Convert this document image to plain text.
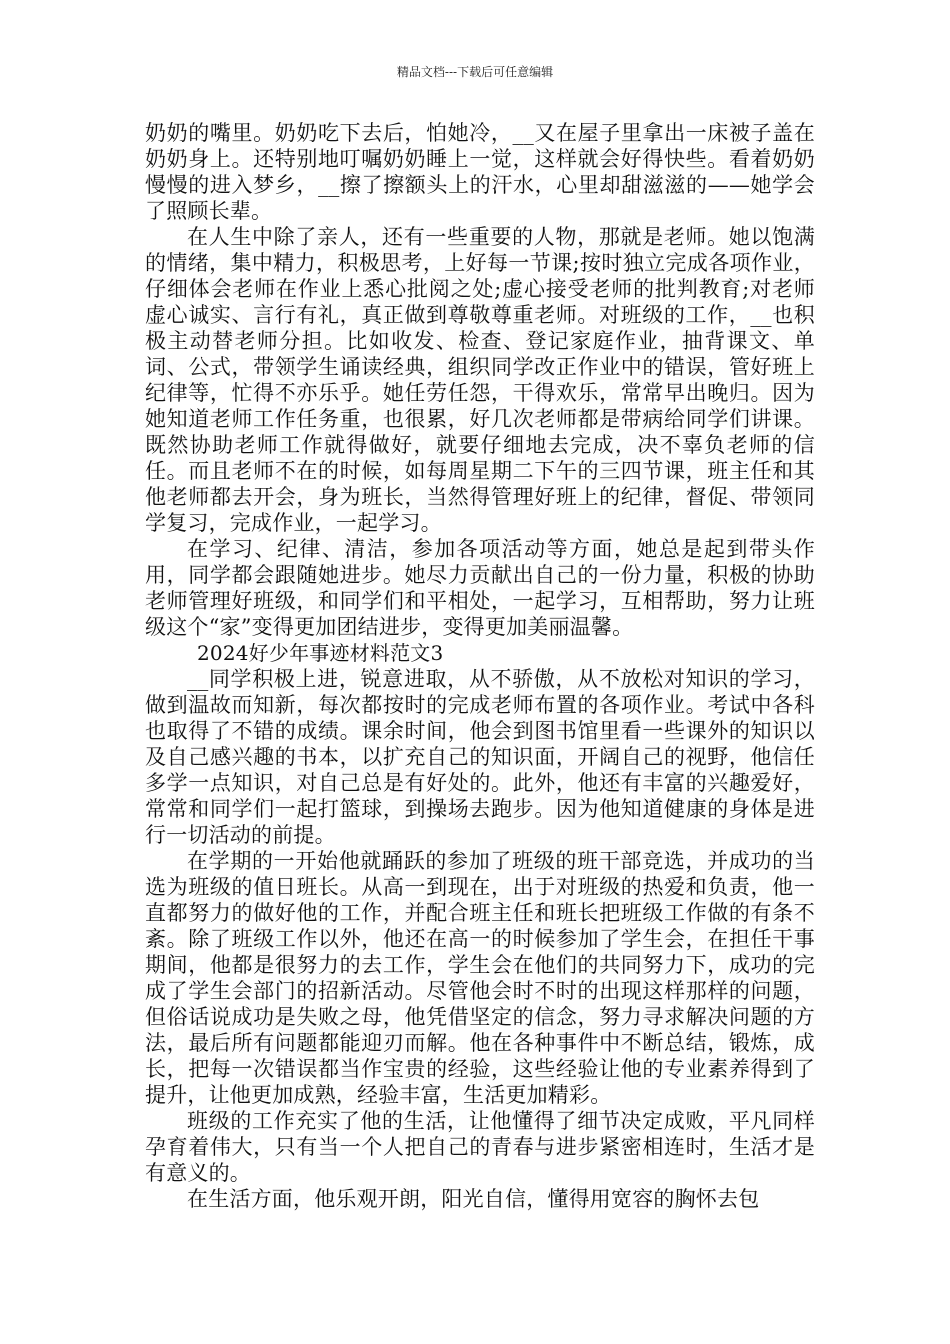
精品文档---下载后可任意编辑

奶奶的嘴里。奶奶吃下去后，怕她冷，__又在屋子里拿出一床被子盖在奶奶身上。还特别地叮嘱奶奶睡上一觉，这样就会好得快些。看着奶奶慢慢的进入梦乡，__擦了擦额头上的汗水，心里却甜滋滋的——她学会了照顾长辈。

在人生中除了亲人，还有一些重要的人物，那就是老师。她以饱满的情绪，集中精力，积极思考，上好每一节课;按时独立完成各项作业，仔细体会老师在作业上悉心批阅之处;虚心接受老师的批判教育;对老师虚心诚实、言行有礼，真正做到尊敬尊重老师。对班级的工作，__也积极主动替老师分担。比如收发、检查、登记家庭作业，抽背课文、单词、公式，带领学生诵读经典，组织同学改正作业中的错误，管好班上纪律等，忙得不亦乐乎。她任劳任怨，干得欢乐，常常早出晚归。因为她知道老师工作任务重，也很累，好几次老师都是带病给同学们讲课。既然协助老师工作就得做好，就要仔细地去完成，决不辜负老师的信任。而且老师不在的时候，如每周星期二下午的三四节课，班主任和其他老师都去开会，身为班长，当然得管理好班上的纪律，督促、带领同学复习，完成作业，一起学习。

在学习、纪律、清洁，参加各项活动等方面，她总是起到带头作用，同学都会跟随她进步。她尽力贡献出自己的一份力量，积极的协助老师管理好班级，和同学们和平相处，一起学习，互相帮助，努力让班级这个“家”变得更加团结进步，变得更加美丽温馨。

2024好少年事迹材料范文3

__同学积极上进，锐意进取，从不骄傲，从不放松对知识的学习，做到温故而知新，每次都按时的完成老师布置的各项作业。考试中各科也取得了不错的成绩。课余时间，他会到图书馆里看一些课外的知识以及自己感兴趣的书本，以扩充自己的知识面，开阔自己的视野，他信任多学一点知识，对自己总是有好处的。此外，他还有丰富的兴趣爱好，常常和同学们一起打篮球，到操场去跑步。因为他知道健康的身体是进行一切活动的前提。

在学期的一开始他就踊跃的参加了班级的班干部竞选，并成功的当选为班级的值日班长。从高一到现在，出于对班级的热爱和负责，他一直都努力的做好他的工作，并配合班主任和班长把班级工作做的有条不紊。除了班级工作以外，他还在高一的时候参加了学生会，在担任干事期间，他都是很努力的去工作，学生会在他们的共同努力下，成功的完成了学生会部门的招新活动。尽管他会时不时的出现这样那样的问题，但俗话说成功是失败之母，他凭借坚定的信念，努力寻求解决问题的方法，最后所有问题都能迎刃而解。他在各种事件中不断总结，锻炼，成长，把每一次错误都当作宝贵的经验，这些经验让他的专业素养得到了提升，让他更加成熟，经验丰富，生活更加精彩。

班级的工作充实了他的生活，让他懂得了细节决定成败，平凡同样孕育着伟大，只有当一个人把自己的青春与进步紧密相连时，生活才是有意义的。

在生活方面，他乐观开朗，阳光自信，懂得用宽容的胸怀去包
